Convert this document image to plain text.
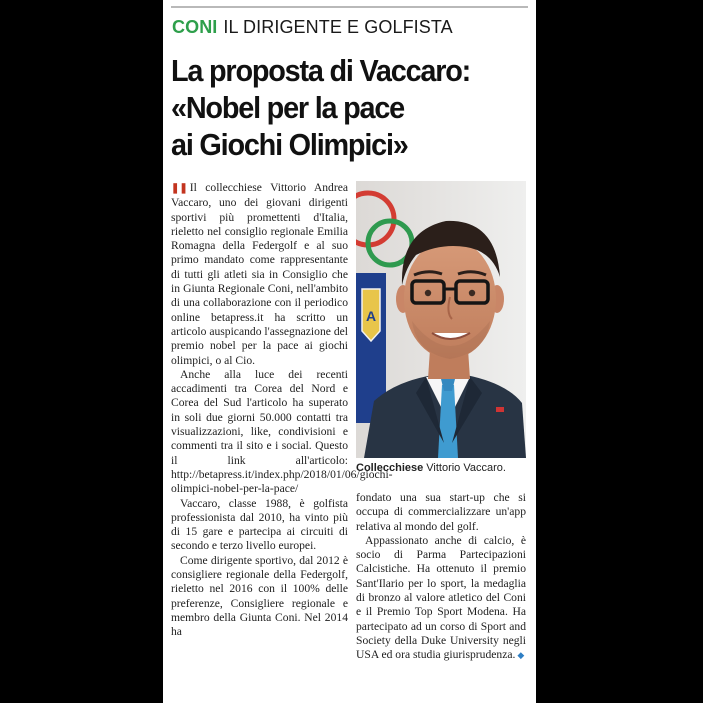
CONI IL DIRIGENTE E GOLFISTA
La proposta di Vaccaro:
«Nobel per la pace
ai Giochi Olimpici»

❚❚ Il collecchiese Vittorio Andrea Vaccaro, uno dei giovani dirigenti sportivi più promettenti d'Italia, rieletto nel consiglio regionale Emilia Romagna della Federgolf e al suo primo mandato come rappresentante di tutti gli atleti sia in Consiglio che in Giunta Regionale Coni, nell'ambito di una collaborazione con il periodico online betapress.it ha scritto un articolo auspicando l'assegnazione del premio nobel per la pace ai giochi olimpici, o al Cio.

Anche alla luce dei recenti accadimenti tra Corea del Nord e Corea del Sud l'articolo ha superato in soli due giorni 50.000 contatti tra visualizzazioni, like, condivisioni e commenti tra il sito e i social. Questo il link all'articolo: http://betapress.it/index.php/2018/01/06/giochi-olimpici-nobel-per-la-pace/

Vaccaro, classe 1988, è golfista professionista dal 2010, ha vinto più di 15 gare e partecipa ai circuiti di secondo e terzo livello europei.

Come dirigente sportivo, dal 2012 è consigliere regionale della Federgolf, rieletto nel 2016 con il 100% delle preferenze, Consigliere regionale e membro della Giunta Coni. Nel 2014 ha

A
Collecchiese Vittorio Vaccaro.

fondato una sua start-up che si occupa di commercializzare un'app relativa al mondo del golf.

Appassionato anche di calcio, è socio di Parma Partecipazioni Calcistiche. Ha ottenuto il premio Sant'Ilario per lo sport, la medaglia di bronzo al valore atletico del Coni e il Premio Top Sport Modena. Ha partecipato ad un corso di Sport and Society della Duke University negli USA ed ora studia giurisprudenza. ◆
